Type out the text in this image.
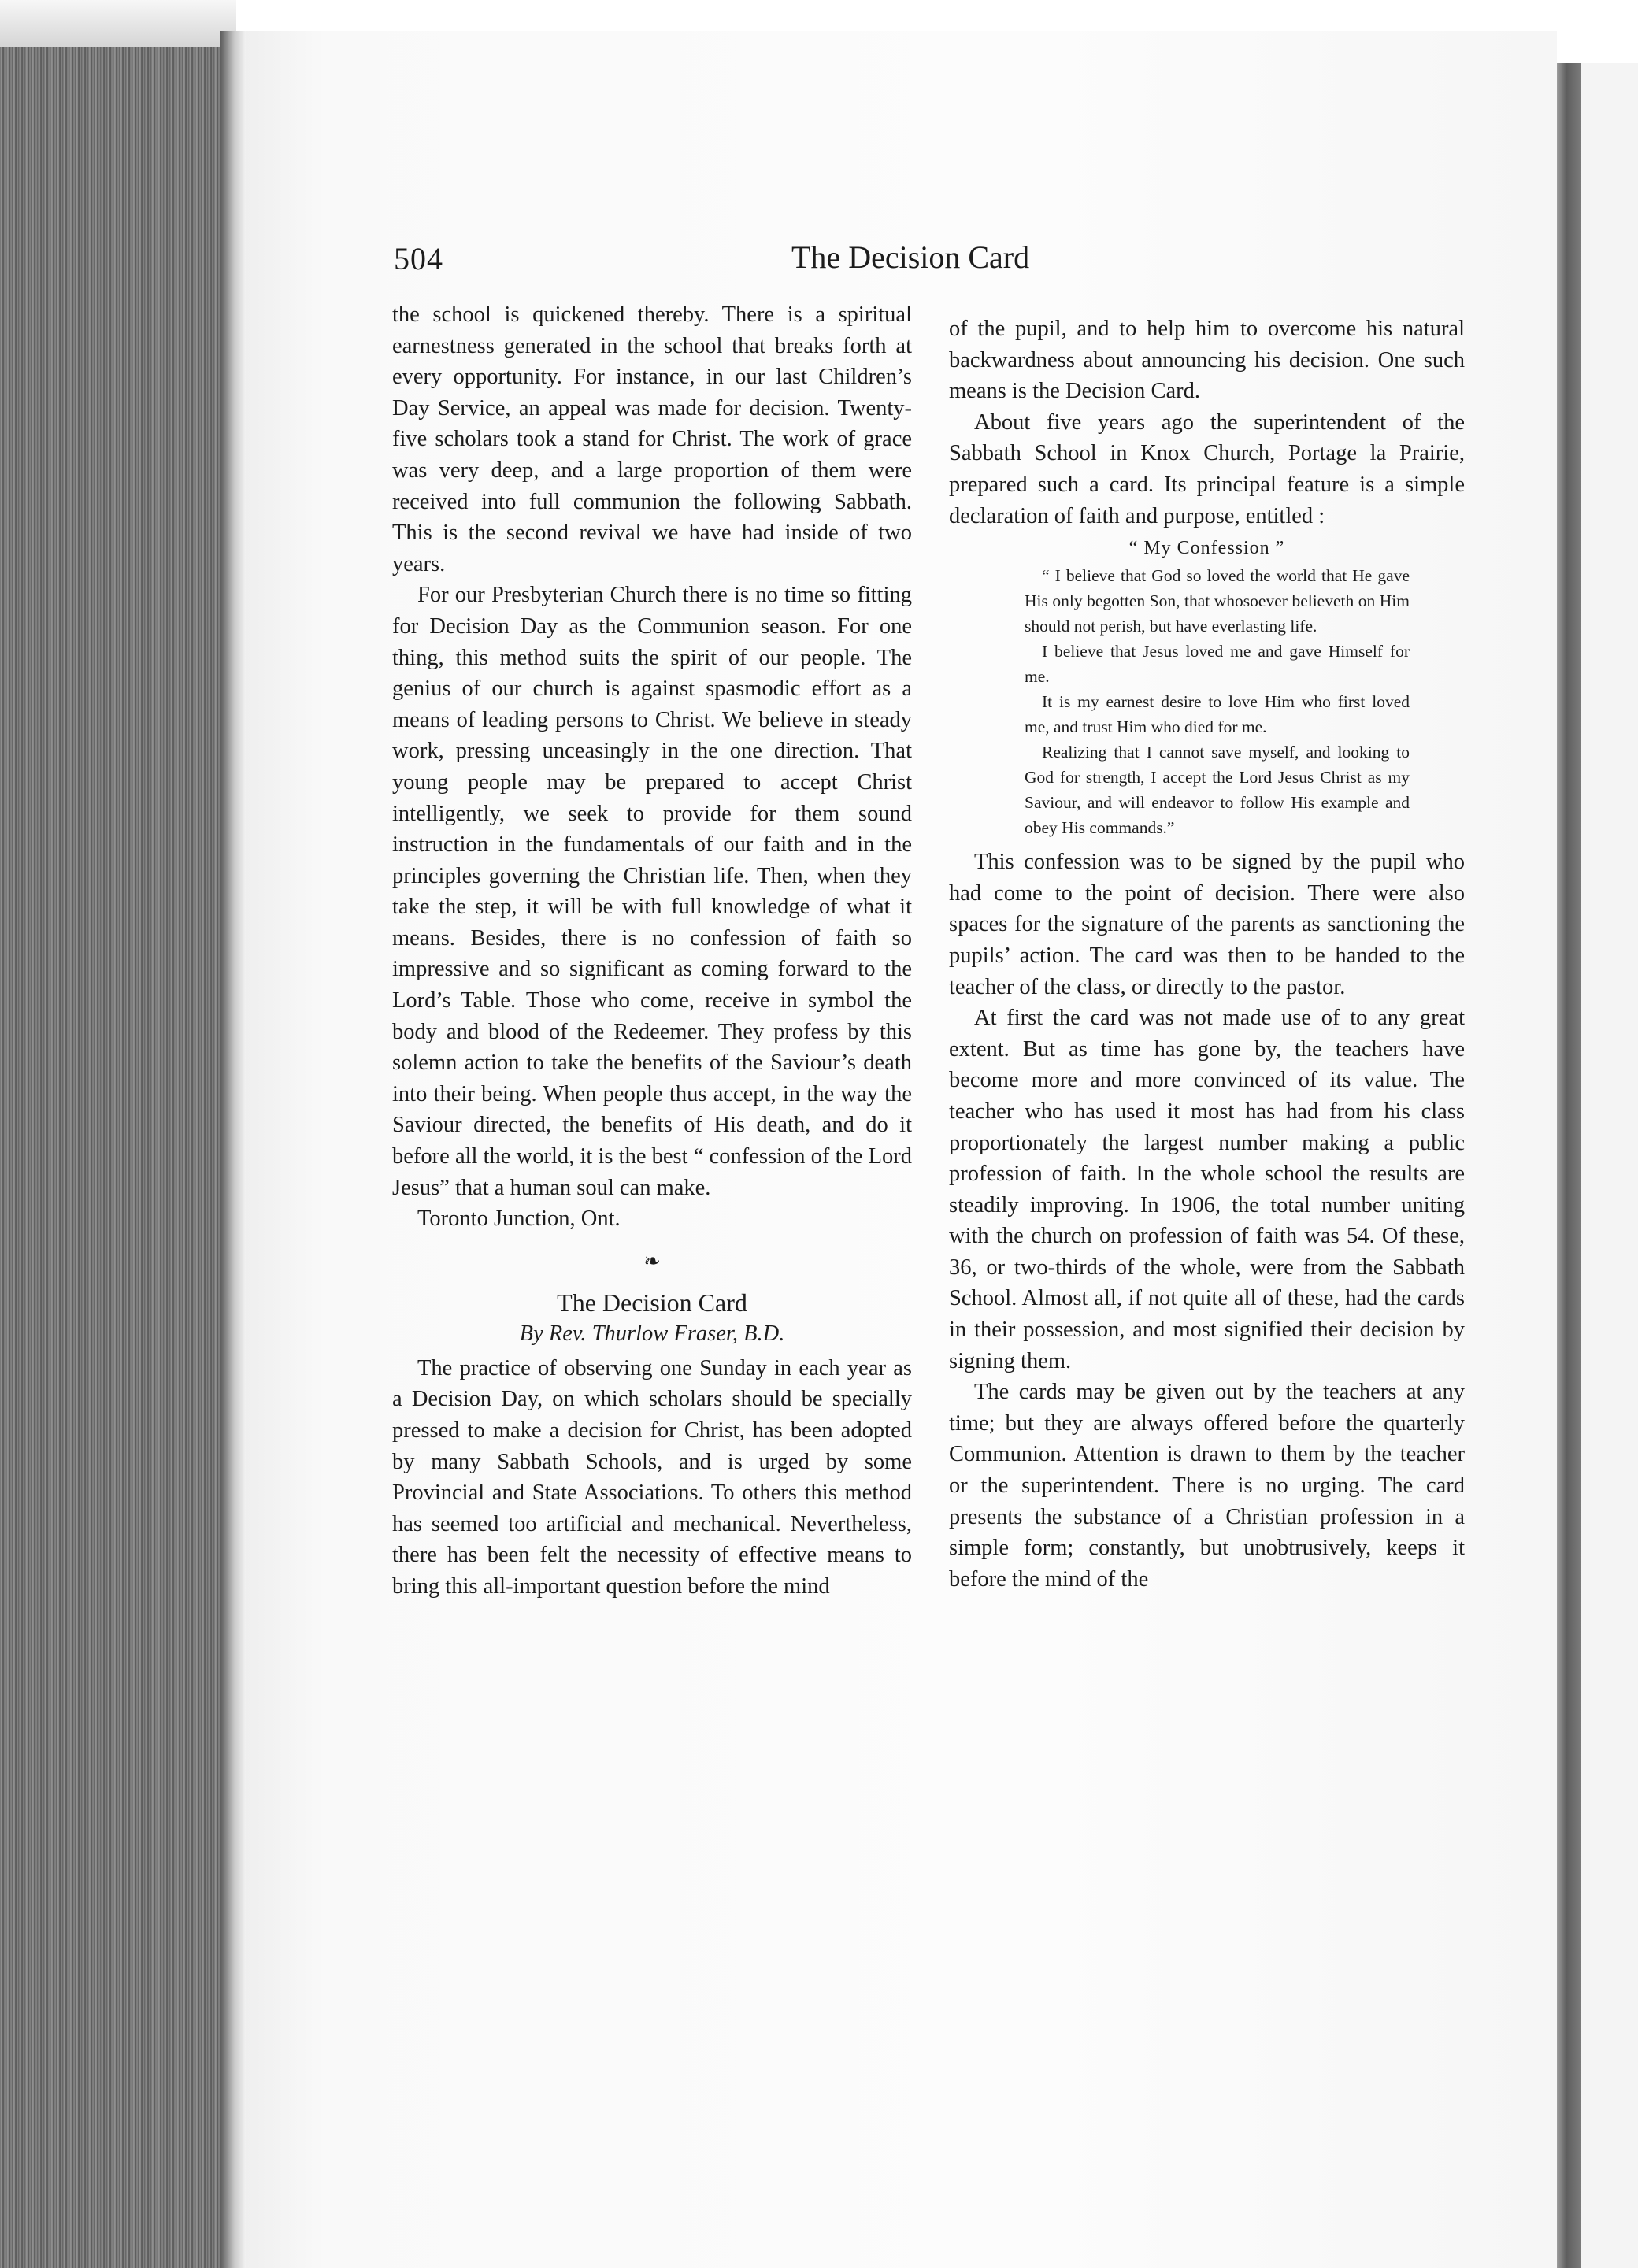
504	The Decision Card

the school is quickened thereby. There is a spiritual earnestness generated in the school that breaks forth at every opportunity. For instance, in our last Children’s Day Service, an appeal was made for decision. Twenty-five scholars took a stand for Christ. The work of grace was very deep, and a large proportion of them were received into full communion the following Sabbath. This is the second revival we have had inside of two years.

For our Presbyterian Church there is no time so fitting for Decision Day as the Communion season. For one thing, this method suits the spirit of our people. The genius of our church is against spasmodic effort as a means of leading persons to Christ. We believe in steady work, pressing unceasingly in the one direction. That young people may be prepared to accept Christ intelligently, we seek to provide for them sound instruction in the fundamentals of our faith and in the principles governing the Christian life. Then, when they take the step, it will be with full knowledge of what it means. Besides, there is no confession of faith so impressive and so significant as coming forward to the Lord’s Table. Those who come, receive in symbol the body and blood of the Redeemer. They profess by this solemn action to take the benefits of the Saviour’s death into their being. When people thus accept, in the way the Saviour directed, the benefits of His death, and do it before all the world, it is the best “ confession of the Lord Jesus” that a human soul can make.

Toronto Junction, Ont.
❧
The Decision Card
By Rev. Thurlow Fraser, B.D.

The practice of observing one Sunday in each year as a Decision Day, on which scholars should be specially pressed to make a decision for Christ, has been adopted by many Sabbath Schools, and is urged by some Provincial and State Associations. To others this method has seemed too artificial and mechanical. Nevertheless, there has been felt the necessity of effective means to bring this all-important question before the mind

of the pupil, and to help him to overcome his natural backwardness about announcing his decision. One such means is the Decision Card.

About five years ago the superintendent of the Sabbath School in Knox Church, Portage la Prairie, prepared such a card. Its principal feature is a simple declaration of faith and purpose, entitled :

“ My Confession ”

“ I believe that God so loved the world that He gave His only begotten Son, that whosoever believeth on Him should not perish, but have everlasting life.

I believe that Jesus loved me and gave Himself for me.

It is my earnest desire to love Him who first loved me, and trust Him who died for me.

Realizing that I cannot save myself, and looking to God for strength, I accept the Lord Jesus Christ as my Saviour, and will endeavor to follow His example and obey His commands.”

This confession was to be signed by the pupil who had come to the point of decision. There were also spaces for the signature of the parents as sanctioning the pupils’ action. The card was then to be handed to the teacher of the class, or directly to the pastor.

At first the card was not made use of to any great extent. But as time has gone by, the teachers have become more and more convinced of its value. The teacher who has used it most has had from his class proportionately the largest number making a public profession of faith. In the whole school the results are steadily improving. In 1906, the total number uniting with the church on profession of faith was 54. Of these, 36, or two-thirds of the whole, were from the Sabbath School. Almost all, if not quite all of these, had the cards in their possession, and most signified their decision by signing them.

The cards may be given out by the teachers at any time; but they are always offered before the quarterly Communion. Attention is drawn to them by the teacher or the superintendent. There is no urging. The card presents the substance of a Christian profession in a simple form; constantly, but unobtrusively, keeps it before the mind of the
